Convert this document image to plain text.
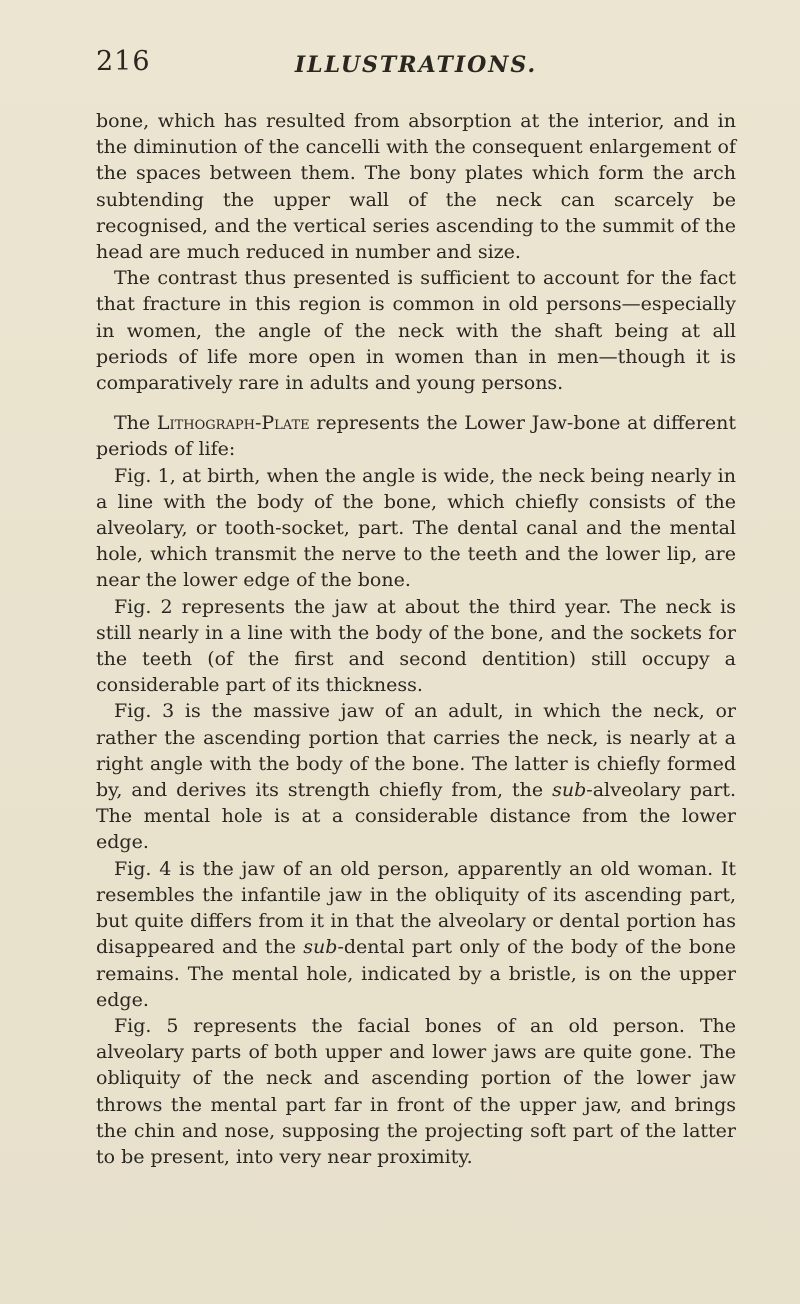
216	ILLUSTRATIONS.

bone, which has resulted from absorption at the interior, and in the diminution of the cancelli with the consequent enlargement of the spaces between them. The bony plates which form the arch subtending the upper wall of the neck can scarcely be recognised, and the vertical series ascending to the summit of the head are much reduced in number and size.

The contrast thus presented is sufficient to account for the fact that fracture in this region is common in old persons—especially in women, the angle of the neck with the shaft being at all periods of life more open in women than in men—though it is comparatively rare in adults and young persons.

The Lithograph-Plate represents the Lower Jaw-bone at different periods of life:

Fig. 1, at birth, when the angle is wide, the neck being nearly in a line with the body of the bone, which chiefly consists of the alveolary, or tooth-socket, part. The dental canal and the mental hole, which transmit the nerve to the teeth and the lower lip, are near the lower edge of the bone.

Fig. 2 represents the jaw at about the third year. The neck is still nearly in a line with the body of the bone, and the sockets for the teeth (of the first and second dentition) still occupy a considerable part of its thickness.

Fig. 3 is the massive jaw of an adult, in which the neck, or rather the ascending portion that carries the neck, is nearly at a right angle with the body of the bone. The latter is chiefly formed by, and derives its strength chiefly from, the sub-alveolary part. The mental hole is at a considerable distance from the lower edge.

Fig. 4 is the jaw of an old person, apparently an old woman. It resembles the infantile jaw in the obliquity of its ascending part, but quite differs from it in that the alveolary or dental portion has disappeared and the sub-dental part only of the body of the bone remains. The mental hole, indicated by a bristle, is on the upper edge.

Fig. 5 represents the facial bones of an old person. The alveolary parts of both upper and lower jaws are quite gone. The obliquity of the neck and ascending portion of the lower jaw throws the mental part far in front of the upper jaw, and brings the chin and nose, supposing the projecting soft part of the latter to be present, into very near proximity.
